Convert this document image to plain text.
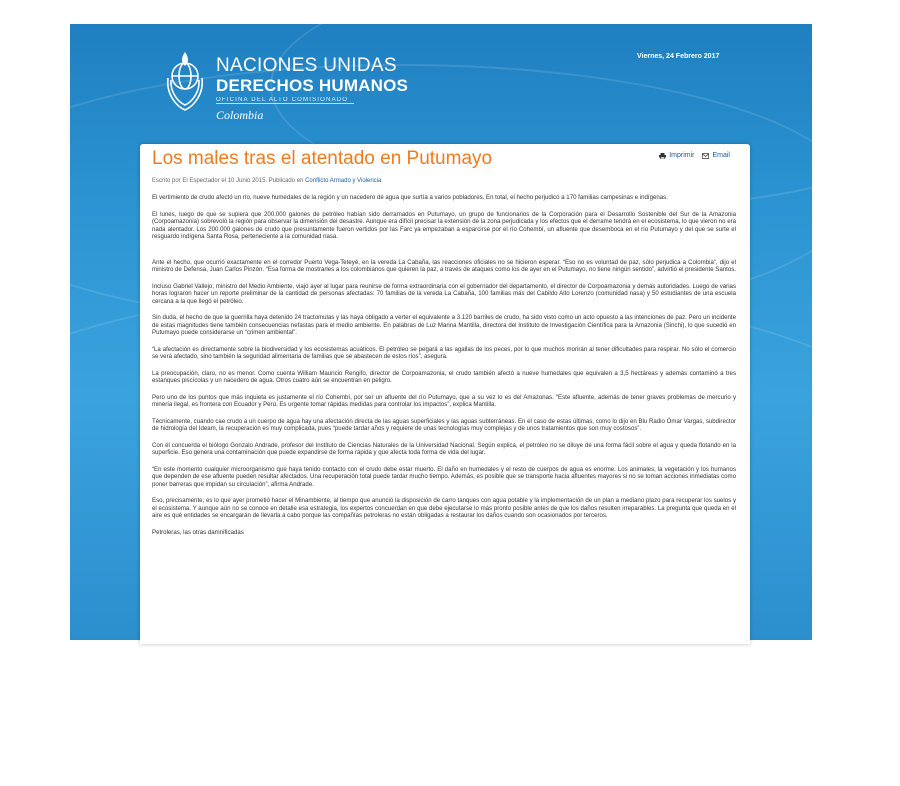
NACIONES UNIDAS
DERECHOS HUMANOS
OFICINA DEL ALTO COMISIONADO
Colombia
Viernes, 24 Febrero 2017
Los males tras el atentado en Putumayo	Imprimir	Email
Escrito por El Espectador el 10 Junio 2015. Publicado en Conflicto Armado y Violencia

El vertimiento de crudo afectó un río, nueve humedales de la región y un nacedero de agua que surtía a varios pobladores. En total, el hecho perjudicó a 170 familias campesinas e indígenas.

El lunes, luego de que se supiera que 200.000 galones de petróleo habían sido derramados en Putumayo, un grupo de funcionarios de la Corporación para el Desarrollo Sostenible del Sur de la Amazonia (Corpoamazonia) sobrevoló la región para observar la dimensión del desastre. Aunque era difícil precisar la extensión de la zona perjudicada y los efectos que el derrame tendrá en el ecosistema, lo que vieron no era nada alentador. Los 200.000 galones de crudo que presuntamente fueron vertidos por las Farc ya empezaban a esparcirse por el río Cohembí, un afluente que desemboca en el río Putumayo y del que se surte el resguardo indígena Santa Rosa, perteneciente a la comunidad nasa.

Ante el hecho, que ocurrió exactamente en el corredor Puerto Vega-Teteyé, en la vereda La Cabaña, las reacciones oficiales no se hicieron esperar. “Eso no es voluntad de paz, sólo perjudica a Colombia”, dijo el ministro de Defensa, Juan Carlos Pinzón. “Esa forma de mostrarles a los colombianos que quieren la paz, a través de ataques como los de ayer en el Putumayo, no tiene ningún sentido”, advirtió el presidente Santos.

Incluso Gabriel Vallejo, ministro del Medio Ambiente, viajó ayer al lugar para reunirse de forma extraordinaria con el gobernador del departamento, el director de Corpoamazonia y demás autoridades. Luego de varias horas lograron hacer un reporte preliminar de la cantidad de personas afectadas: 70 familias de la vereda La Cabaña, 100 familias más del Cabildo Alto Lorenzo (comunidad nasa) y 50 estudiantes de una escuela cercana a la que llegó el petróleo.

Sin duda, el hecho de que la guerrilla haya detenido 24 tractomulas y las haya obligado a verter el equivalente a 3.120 barriles de crudo, ha sido visto como un acto opuesto a las intenciones de paz. Pero un incidente de estas magnitudes tiene también consecuencias nefastas para el medio ambiente. En palabras de Luz Marina Mantilla, directora del Instituto de Investigación Científica para la Amazonia (Sinchi), lo que sucedió en Putumayo puede considerarse un “crimen ambiental”.

“La afectación es directamente sobre la biodiversidad y los ecosistemas acuáticos. El petróleo se pegará a las agallas de los peces, por lo que muchos morirán al tener dificultades para respirar. No sólo el comercio se verá afectado, sino también la seguridad alimentaria de familias que se abastecen de estos ríos”, asegura.

La preocupación, claro, no es menor. Como cuenta William Mauricio Rengifo, director de Corpoamazonia, el crudo también afectó a nueve humedales que equivalen a 3,5 hectáreas y además contaminó a tres estanques piscícolas y un nacedero de agua. Otros cuatro aún se encuentran en peligro.

Pero uno de los puntos que más inquieta es justamente el río Cohembí, por ser un afluente del río Putumayo, que a su vez lo es del Amazonas. “Este afluente, además de tener graves problemas de mercurio y minería ilegal, es frontera con Ecuador y Perú. Es urgente tomar rápidas medidas para controlar los impactos”, explica Mantilla.

Técnicamente, cuando cae crudo a un cuerpo de agua hay una afectación directa de las aguas superficiales y las aguas subterráneas. En el caso de estas últimas, como lo dijo en Blu Radio Ómar Vargas, subdirector de hidrología del Ideam, la recuperación es muy complicada, pues “puede tardar años y requiere de unas tecnologías muy complejas y de unos tratamientos que son muy costosos”.

Con él concuerda el biólogo Gonzalo Andrade, profesor del Instituto de Ciencias Naturales de la Universidad Nacional. Según explica, el petróleo no se diluye de una forma fácil sobre el agua y queda flotando en la superficie. Eso genera una contaminación que puede expandirse de forma rápida y que afecta toda forma de vida del lugar.

“En este momento cualquier microorganismo que haya tenido contacto con el crudo debe estar muerto. El daño en humedales y el resto de cuerpos de agua es enorme. Los animales, la vegetación y los humanos que dependen de ese afluente pueden resultar afectados. Una recuperación total puede tardar mucho tiempo. Además, es posible que se transporte hacia afluentes mayores si no se toman acciones inmediatas como poner barreras que impidan su circulación”, afirma Andrade.

Eso, precisamente, es lo que ayer prometió hacer el Minambiente, al tiempo que anunció la disposición de carro tanques con agua potable y la implementación de un plan a mediano plazo para recuperar los suelos y el ecosistema. Y aunque aún no se conoce en detalle esa estrategia, los expertos concuerdan en que debe ejecutarse lo más pronto posible antes de que los daños resulten irreparables. La pregunta que queda en el aire es qué entidades se encargarán de llevarla a cabo porque las compañías petroleras no están obligadas a restaurar los daños cuando son ocasionados por terceros.

Petroleras, las otras damnificadas
